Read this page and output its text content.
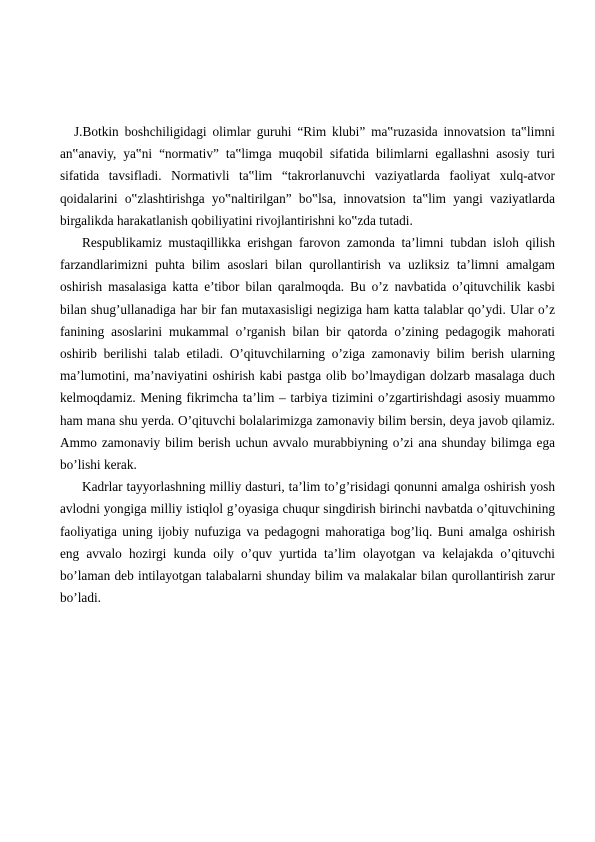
J.Botkin boshchiligidagi olimlar guruhi “Rim klubi” ma‟ruzasida innovatsion ta‟limni an‟anaviy, ya‟ni “normativ” ta‟limga muqobil sifatida bilimlarni egallashni asosiy turi sifatida tavsifladi. Normativli ta‟lim “takrorlanuvchi vaziyatlarda faoliyat xulq-atvor qoidalarini o‟zlashtirishga yo‟naltirilgan” bo‟lsa, innovatsion ta‟lim yangi vaziyatlarda birgalikda harakatlanish qobiliyatini rivojlantirishni ko‟zda tutadi.

Respublikamiz mustaqillikka erishgan farovon zamonda ta’limni tubdan isloh qilish farzandlarimizni puhta bilim asoslari bilan qurollantirish va uzliksiz ta’limni amalgam oshirish masalasiga katta e’tibor bilan qaralmoqda. Bu o’z navbatida o’qituvchilik kasbi bilan shug’ullanadiga har bir fan mutaxasisligi negiziga ham katta talablar qo’ydi. Ular o’z fanining asoslarini mukammal o’rganish bilan bir qatorda o’zining pedagogik mahorati oshirib berilishi talab etiladi. O’qituvchilarning o’ziga zamonaviy bilim berish ularning ma’lumotini, ma’naviyatini oshirish kabi pastga olib bo’lmaydigan dolzarb masalaga duch kelmoqdamiz. Mening fikrimcha ta’lim – tarbiya tizimini o’zgartirishdagi asosiy muammo ham mana shu yerda. O’qituvchi bolalarimizga zamonaviy bilim bersin, deya javob qilamiz. Ammo zamonaviy bilim berish uchun avvalo murabbiyning o’zi ana shunday bilimga ega bo’lishi kerak.

Kadrlar tayyorlashning milliy dasturi, ta’lim to’g’risidagi qonunni amalga oshirish yosh avlodni yongiga milliy istiqlol g’oyasiga chuqur singdirish birinchi navbatda o’qituvchining faoliyatiga uning ijobiy nufuziga va pedagogni mahoratiga bog’liq. Buni amalga oshirish eng avvalo hozirgi kunda oily o’quv yurtida ta’lim olayotgan va kelajakda o’qituvchi bo’laman deb intilayotgan talabalarni shunday bilim va malakalar bilan qurollantirish zarur bo’ladi.
